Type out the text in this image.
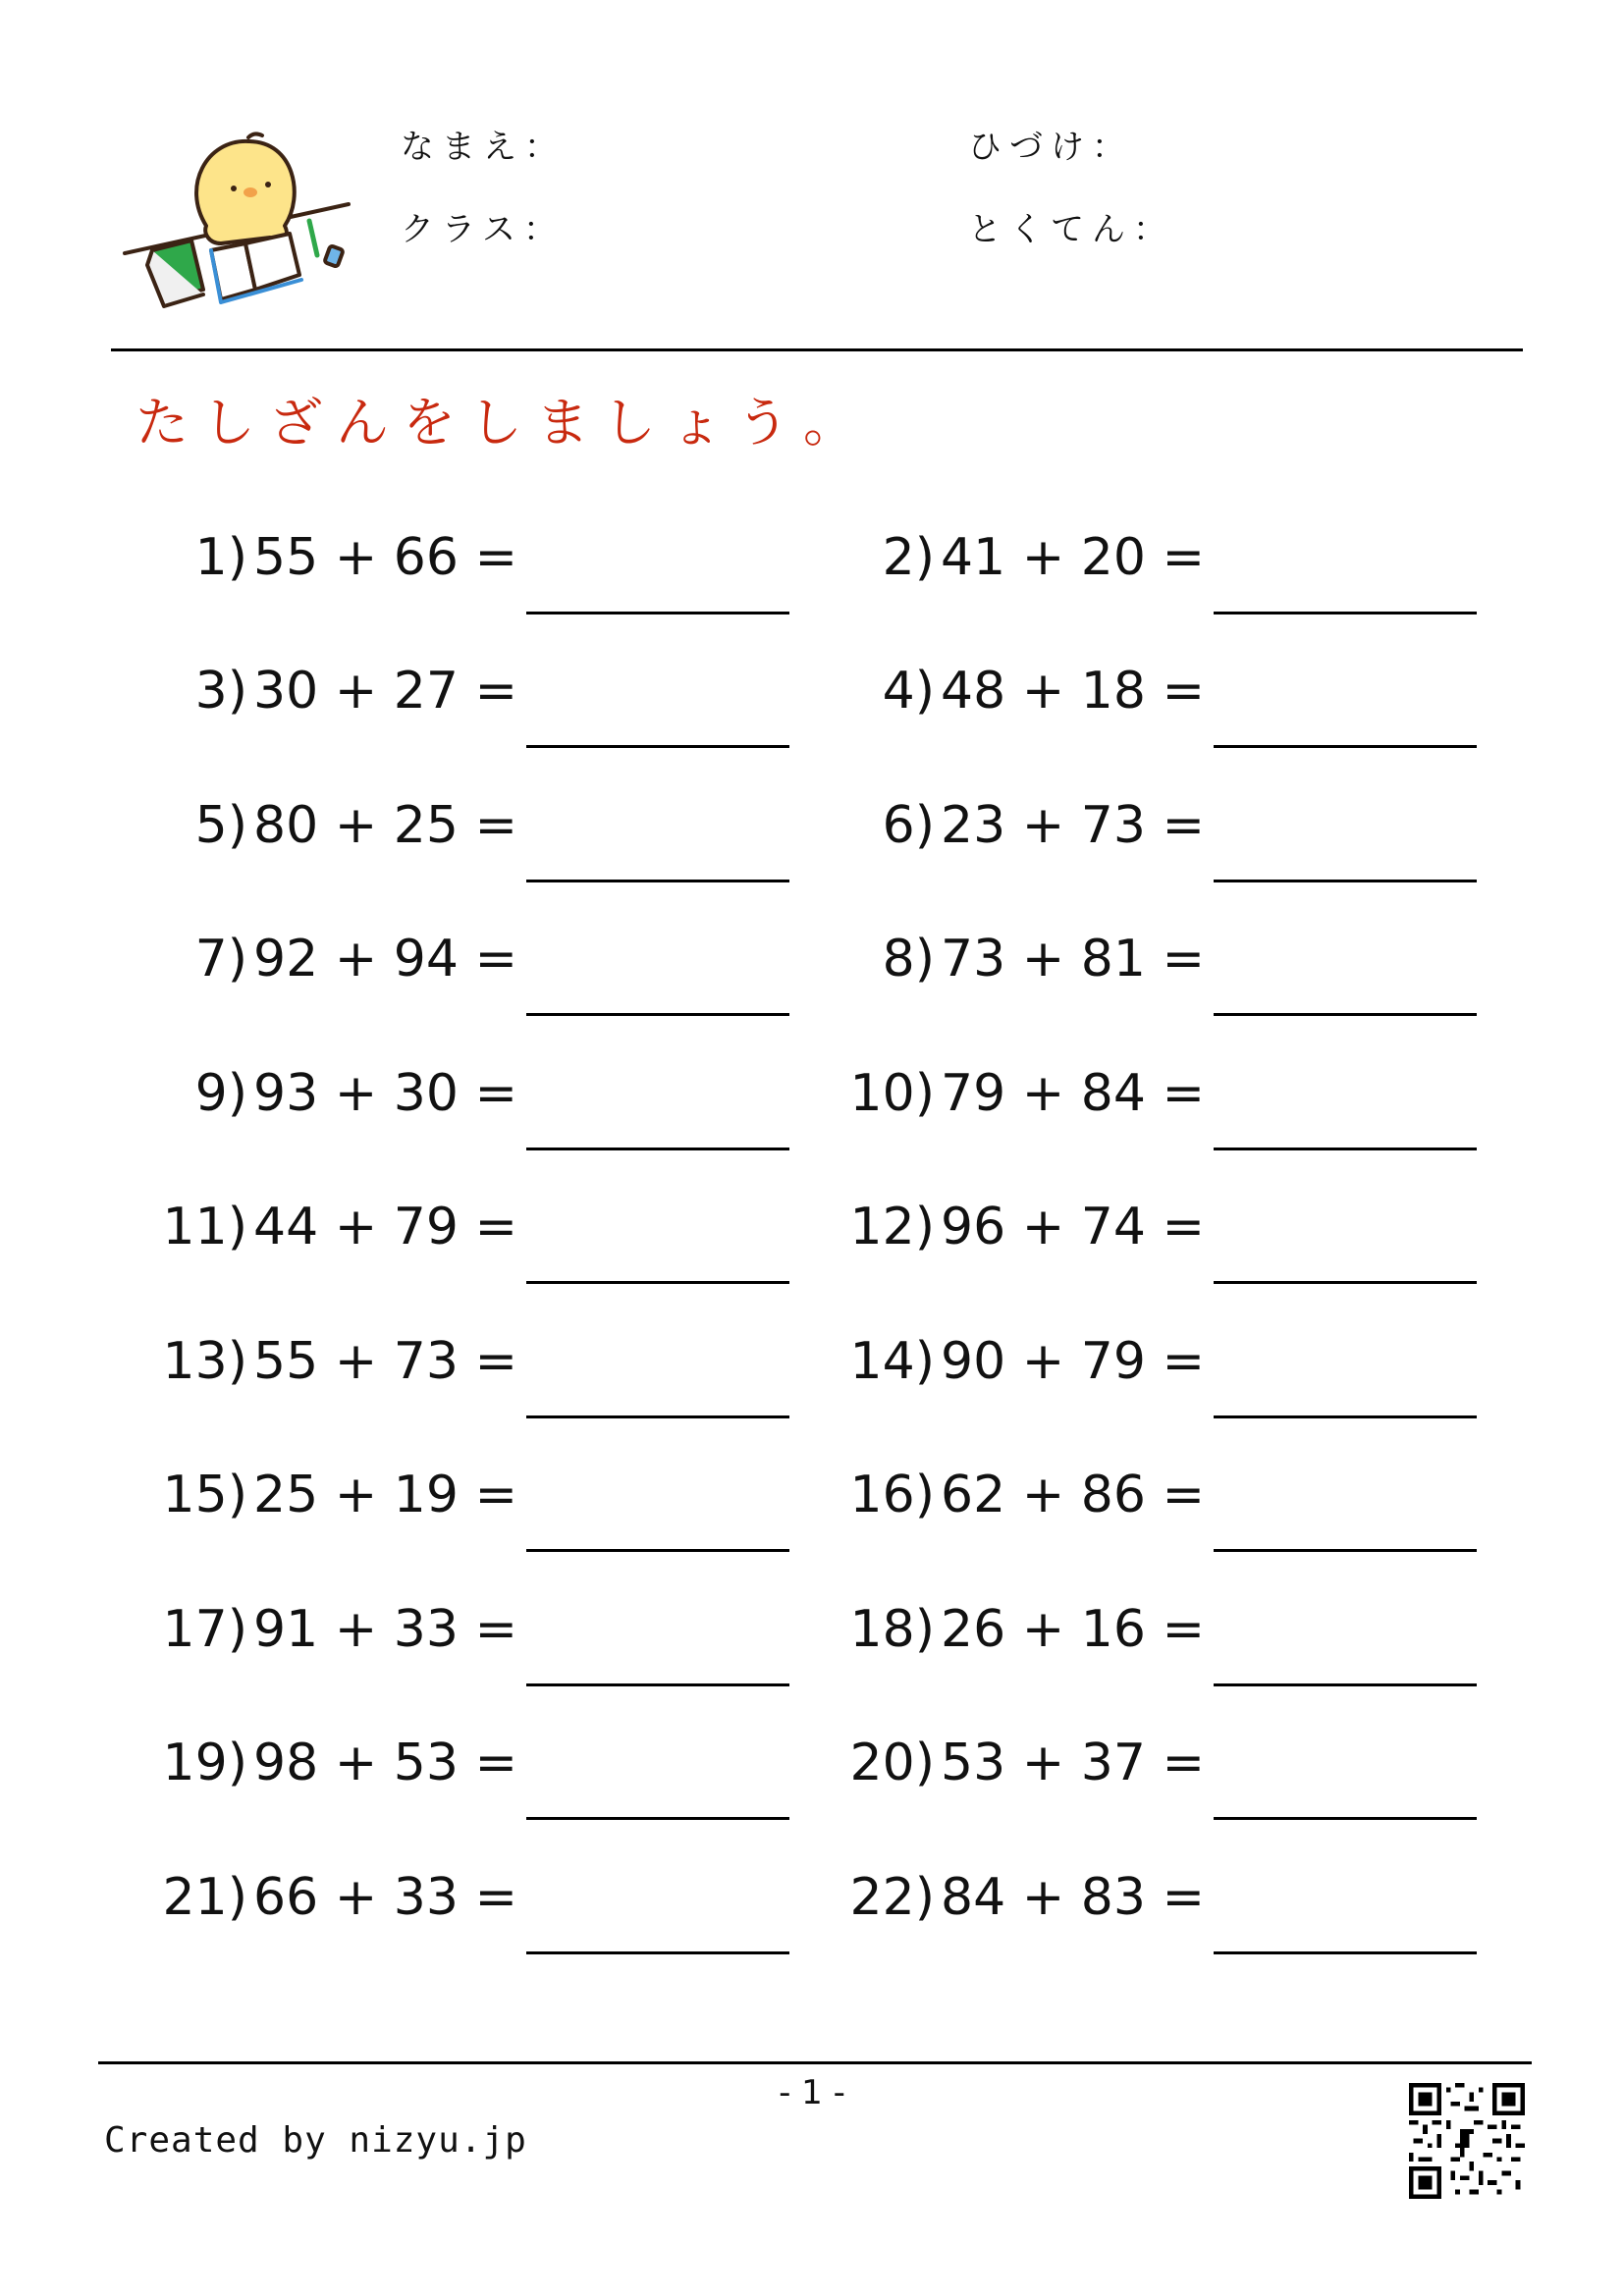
なまえ：	ひづけ：
クラス：	とくてん：
たしざんをしましょう。
1) 55 + 66 =	2) 41 + 20 =
3) 30 + 27 =	4) 48 + 18 =
5) 80 + 25 =	6) 23 + 73 =
7) 92 + 94 =	8) 73 + 81 =
9) 93 + 30 =	10) 79 + 84 =
11) 44 + 79 =	12) 96 + 74 =
13) 55 + 73 =	14) 90 + 79 =
15) 25 + 19 =	16) 62 + 86 =
17) 91 + 33 =	18) 26 + 16 =
19) 98 + 53 =	20) 53 + 37 =
21) 66 + 33 =	22) 84 + 83 =
- 1 -
Created by nizyu.jp
